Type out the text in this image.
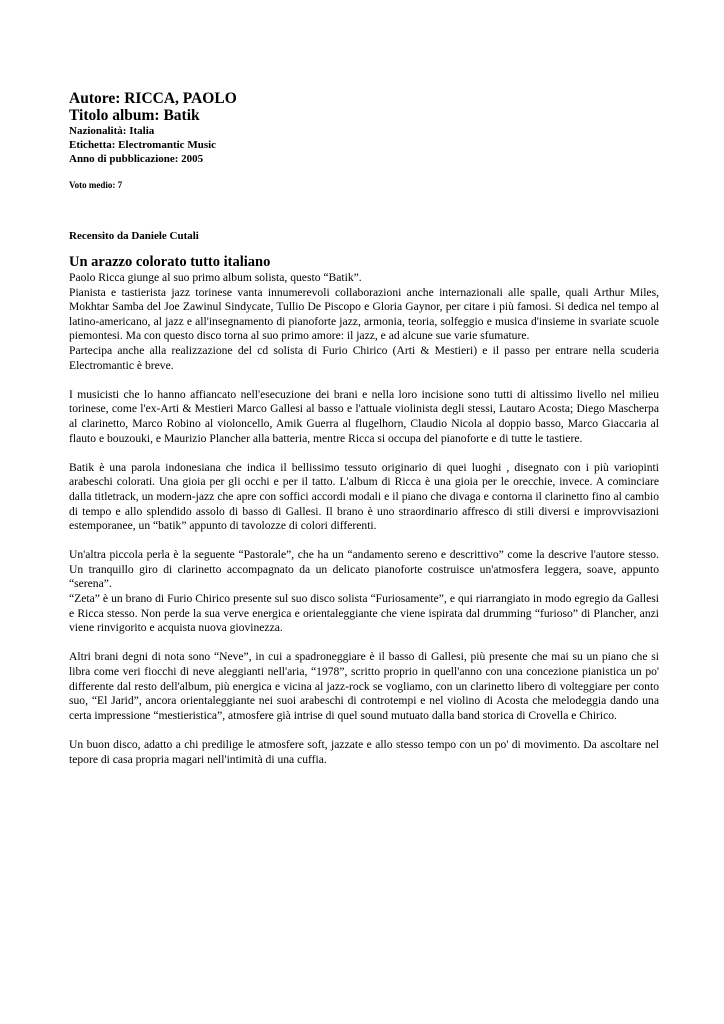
Autore: RICCA, PAOLO

Titolo album: Batik

Nazionalità: Italia

Etichetta: Electromantic Music

Anno di pubblicazione: 2005

Voto medio: 7

Recensito da Daniele Cutali

Un arazzo colorato tutto italiano

Paolo Ricca giunge al suo primo album solista, questo “Batik”.
Pianista e tastierista jazz torinese vanta innumerevoli collaborazioni anche internazionali alle spalle, quali Arthur Miles, Mokhtar Samba del Joe Zawinul Sindycate, Tullio De Piscopo e Gloria Gaynor, per citare i più famosi. Si dedica nel tempo al latino-americano, al jazz e all'insegnamento di pianoforte jazz, armonia, teoria, solfeggio e musica d'insieme in svariate scuole piemontesi. Ma con questo disco torna al suo primo amore: il jazz, e ad alcune sue varie sfumature.
Partecipa anche alla realizzazione del cd solista di Furio Chirico (Arti & Mestieri) e il passo per entrare nella scuderia Electromantic è breve.
I musicisti che lo hanno affiancato nell'esecuzione dei brani e nella loro incisione sono tutti di altissimo livello nel milieu torinese, come l'ex-Arti & Mestieri Marco Gallesi al basso e l'attuale violinista degli stessi, Lautaro Acosta; Diego Mascherpa al clarinetto, Marco Robino al violoncello, Amik Guerra al flugelhorn, Claudio Nicola al doppio basso, Marco Giaccaria al flauto e bouzouki, e Maurizio Plancher alla batteria, mentre Ricca si occupa del pianoforte e di tutte le tastiere.
Batik è una parola indonesiana che indica il bellissimo tessuto originario di quei luoghi , disegnato con i più variopinti arabeschi colorati. Una gioia per gli occhi e per il tatto. L'album di Ricca è una gioia per le orecchie, invece. A cominciare dalla titletrack, un modern-jazz che apre con soffici accordi modali e il piano che divaga e contorna il clarinetto fino al cambio di tempo e allo splendido assolo di basso di Gallesi. Il brano è uno straordinario affresco di stili diversi e improvvisazioni estemporanee, un “batik” appunto di tavolozze di colori differenti.
Un'altra piccola perla è la seguente “Pastorale”, che ha un “andamento sereno e descrittivo” come la descrive l'autore stesso. Un tranquillo giro di clarinetto accompagnato da un delicato pianoforte costruisce un'atmosfera leggera, soave, appunto “serena”.
“Zeta” è un brano di Furio Chirico presente sul suo disco solista “Furiosamente”, e qui riarrangiato in modo egregio da Gallesi e Ricca stesso. Non perde la sua verve energica e orientaleggiante che viene ispirata dal drumming “furioso” di Plancher, anzi viene rinvigorito e acquista nuova giovinezza.
Altri brani degni di nota sono “Neve”, in cui a spadroneggiare è il basso di Gallesi, più presente che mai su un piano che si libra come veri fiocchi di neve aleggianti nell'aria, “1978”, scritto proprio in quell'anno con una concezione pianistica un po' differente dal resto dell'album, più energica e vicina al jazz-rock se vogliamo, con un clarinetto libero di volteggiare per conto suo, “El Jarid”, ancora orientaleggiante nei suoi arabeschi di controtempi e nel violino di Acosta che melodeggia dando una certa impressione “mestieristica”, atmosfere già intrise di quel sound mutuato dalla band storica di Crovella e Chirico.
Un buon disco, adatto a chi predilige le atmosfere soft, jazzate e allo stesso tempo con un po' di movimento. Da ascoltare nel tepore di casa propria magari nell'intimità di una cuffia.
